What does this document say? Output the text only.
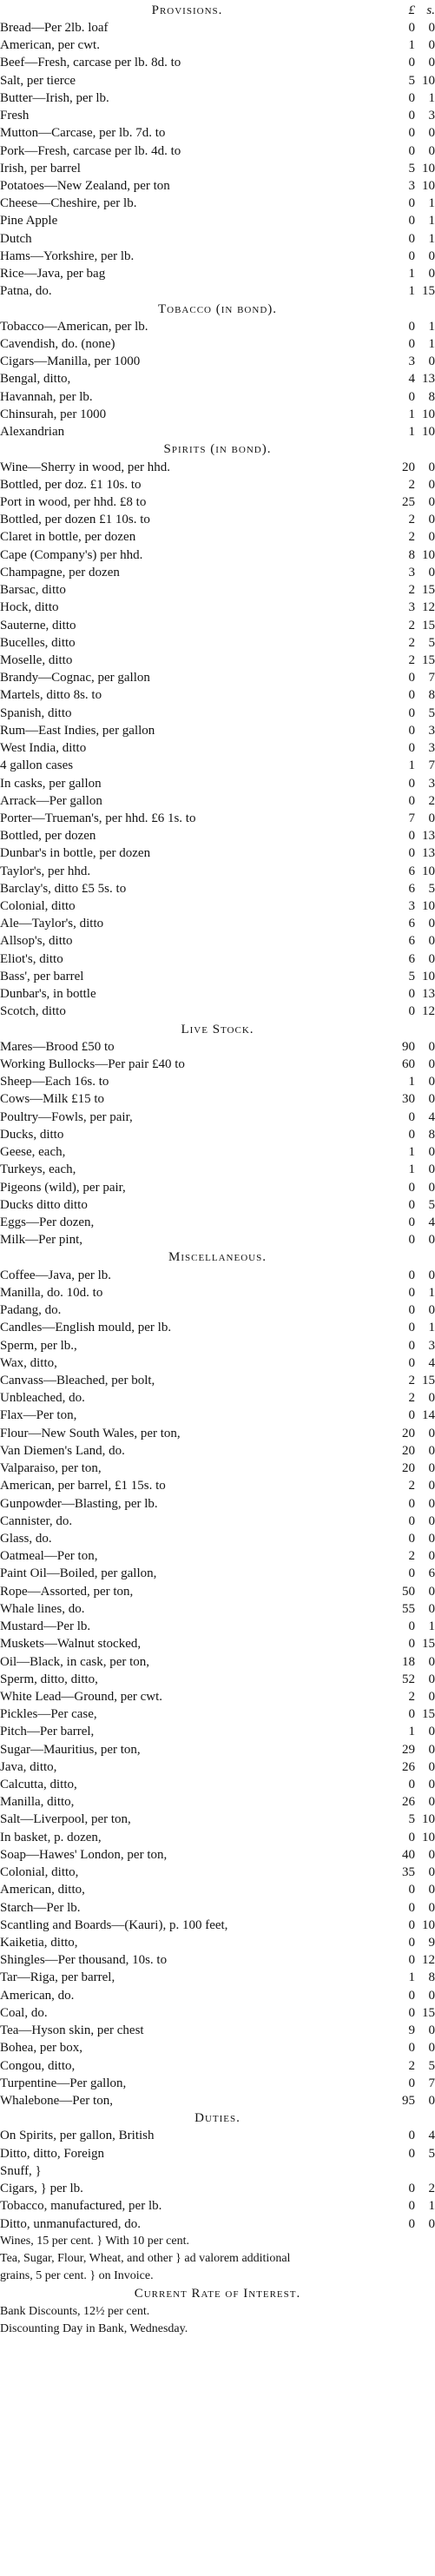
Provisions.	£ s.
Bread—Per 2lb. loaf	0	0
American, per cwt.	1	0
Beef—Fresh, carcase per lb. 8d. to	0	0
Salt, per tierce	5 10
Butter—Irish, per lb.	0	1
Fresh	0	3
Mutton—Carcase, per lb. 7d. to	0	0
Pork—Fresh, carcase per lb. 4d. to	0	0
Irish, per barrel	5 10
Potatoes—New Zealand, per ton	3 10
Cheese—Cheshire, per lb.	0	1
Pine Apple	0	1
Dutch	0	1
Hams—Yorkshire, per lb.	0	0
Rice—Java, per bag	1	0
Patna, do.	1 15
Tobacco (in bond).
Tobacco—American, per lb.	0	1
Cavendish, do. (none)	0	1
Cigars—Manilla, per 1000	3	0
Bengal, ditto,	4 13
Havannah, per lb.	0	8
Chinsurah, per 1000	1 10
Alexandrian	1 10
Spirits (in bond).
Wine—Sherry in wood, per hhd.	20	0
Bottled, per doz. £1 10s. to	2	0
Port in wood, per hhd. £8 to	25	0
Bottled, per dozen £1 10s. to	2	0
Claret in bottle, per dozen	2	0
Cape (Company's) per hhd.	8 10
Champagne, per dozen	3	0
Barsac, ditto	2 15
Hock, ditto	3 12
Sauterne, ditto	2 15
Bucelles, ditto	2	5
Moselle, ditto	2 15
Brandy—Cognac, per gallon	0	7
Martels, ditto 8s. to	0	8
Spanish, ditto	0	5
Rum—East Indies, per gallon	0	3
West India, ditto	0	3
4 gallon cases	1	7
In casks, per gallon	0	3
Arrack—Per gallon	0	2
Porter—Trueman's, per hhd. £6 1s. to	7	0
Bottled, per dozen	0 13
Dunbar's in bottle, per dozen	0 13
Taylor's, per hhd.	6 10
Barclay's, ditto £5 5s. to	6	5
Colonial, ditto	3 10
Ale—Taylor's, ditto	6	0
Allsop's, ditto	6	0
Eliot's, ditto	6	0
Bass', per barrel	5 10
Dunbar's, in bottle	0 13
Scotch, ditto	0 12
Live Stock.
Mares—Brood £50 to	90	0
Working Bullocks—Per pair £40 to	60	0
Sheep—Each 16s. to	1	0
Cows—Milk £15 to	30	0
Poultry—Fowls, per pair,	0	4
Ducks, ditto	0	8
Geese, each,	1	0
Turkeys, each,	1	0
Pigeons (wild), per pair,	0	0
Ducks ditto ditto	0	5
Eggs—Per dozen,	0	4
Milk—Per pint,	0	0
Miscellaneous.
Coffee—Java, per lb.	0	0
Manilla, do. 10d. to	0	1
Padang, do.	0	0
Candles—English mould, per lb.	0	1
Sperm, per lb.,	0	3
Wax, ditto,	0	4
Canvass—Bleached, per bolt,	2 15
Unbleached, do.	2	0
Flax—Per ton,	0 14
Flour—New South Wales, per ton,	20	0
Van Diemen's Land, do.	20	0
Valparaiso, per ton,	20	0
American, per barrel, £1 15s. to	2	0
Gunpowder—Blasting, per lb.	0	0
Cannister, do.	0	0
Glass, do.	0	0
Oatmeal—Per ton,	2	0
Paint Oil—Boiled, per gallon,	0	6
Rope—Assorted, per ton,	50	0
Whale lines, do.	55	0
Mustard—Per lb.	0	1
Muskets—Walnut stocked,	0 15
Oil—Black, in cask, per ton,	18	0
Sperm, ditto, ditto,	52	0
White Lead—Ground, per cwt.	2	0
Pickles—Per case,	0 15
Pitch—Per barrel,	1	0
Sugar—Mauritius, per ton,	29	0
Java, ditto,	26	0
Calcutta, ditto,	0	0
Manilla, ditto,	26	0
Salt—Liverpool, per ton,	5 10
In basket, p. dozen,	0 10
Soap—Hawes' London, per ton,	40	0
Colonial, ditto,	35	0
American, ditto,	0	0
Starch—Per lb.	0	0
Scantling and Boards—(Kauri), p. 100 feet,	0 10
Kaiketia, ditto,	0	9
Shingles—Per thousand, 10s. to	0 12
Tar—Riga, per barrel,	1	8
American, do.	0	0
Coal, do.	0 15
Tea—Hyson skin, per chest	9	0
Bohea, per box,	0	0
Congou, ditto,	2	5
Turpentine—Per gallon,	0	7
Whalebone—Per ton,	95	0
Duties.
On Spirits, per gallon, British	0	4
Ditto, ditto, Foreign	0	5
Snuff, }
Cigars, } per lb.	0	2
Tobacco, manufactured, per lb.	0	1
Ditto, unmanufactured, do.	0	0
Wines, 15 per cent. } With 10 per cent.
Tea, Sugar, Flour, Wheat, and other } ad valorem additional
grains, 5 per cent. } on Invoice.
Current Rate of Interest.
Bank Discounts, 12½ per cent.
Discounting Day in Bank, Wednesday.
